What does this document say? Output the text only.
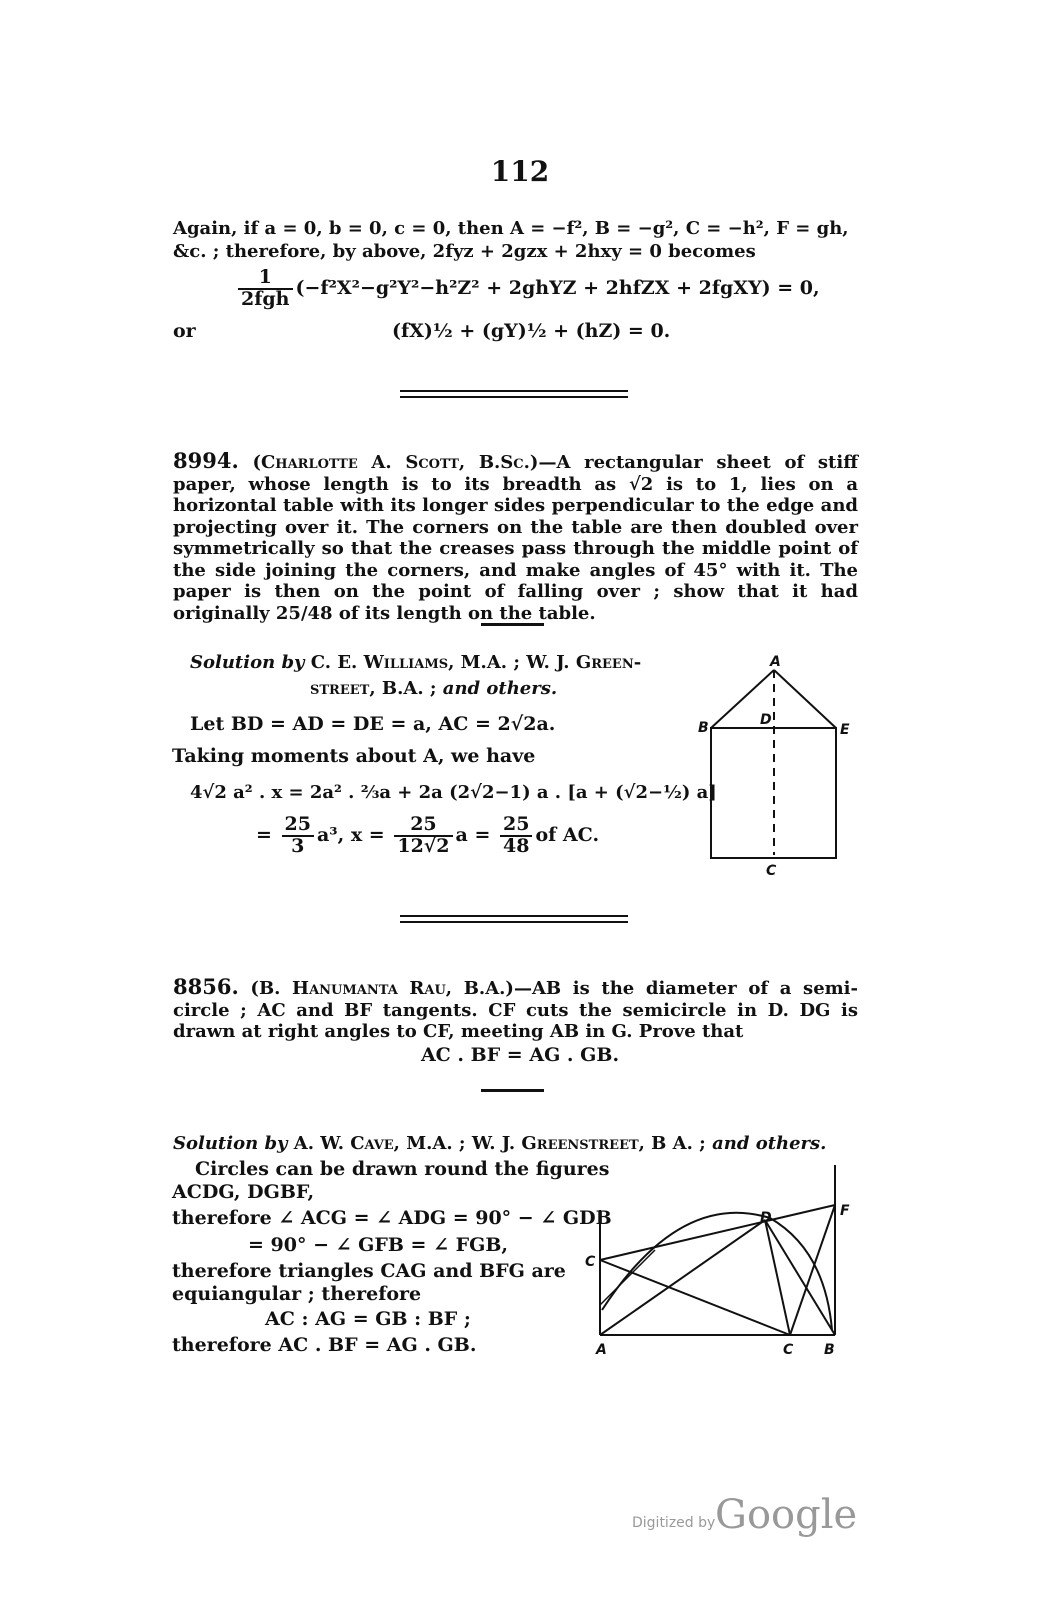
112
Again, if a = 0, b = 0, c = 0, then A = −f², B = −g², C = −h², F = gh,
&c. ; therefore, by above, 2fyz + 2gzx + 2hxy = 0 becomes
$\frac{1}{\text{2fgh}} (-f^2X^2-g^2Y^2-h^2Z^2$ + 2ghYZ + 2hfZX + 2fgXY) = 0,
or	(fX)½ + (gY)½ + (hZ) = 0.
8994. (Charlotte A. Scott, B.Sc.)—A rectangular sheet of stiff paper, whose length is to its breadth as √2 is to 1, lies on a horizontal table with its longer sides perpendicular to the edge and projecting over it. The corners on the table are then doubled over symmetrically so that the creases pass through the middle point of the side joining the corners, and make angles of 45° with it. The paper is then on the point of falling over ; show that it had originally 25/48 of its length on the table.
Solution by C. E. Williams, M.A. ; W. J. Green-
street, B.A. ; and others.
Let BD = AD = DE = a, AC = 2√2a.
Taking moments about A, we have
4√2 a² . x = 2a² . ⅔a + 2a (2√2−1) a . [a + (√2−½) a]
= $\frac{25}{3} a^3$, $x = \frac{25}{12√2}$ $a = \frac{25}{48}$ of AC.
A
B	D
E
C
8856. (B. Hanumanta Rau, B.A.)—AB is the diameter of a semi-circle ; AC and BF tangents. CF cuts the semicircle in D. DG is drawn at right angles to CF, meeting AB in G. Prove that
AC . BF = AG . GB.
Solution by A. W. Cave, M.A. ; W. J. Greenstreet, B A. ; and others.
Circles can be drawn round the figures
ACDG, DGBF,
therefore ∠ ACG = ∠ ADG = 90° − ∠ GDB
= 90° − ∠ GFB = ∠ FGB,
therefore triangles CAG and BFG are
equiangular ; therefore
AC : AG = GB : BF ;
therefore AC . BF = AG . GB.
C
D	F
A	C B
Digitized by Google
